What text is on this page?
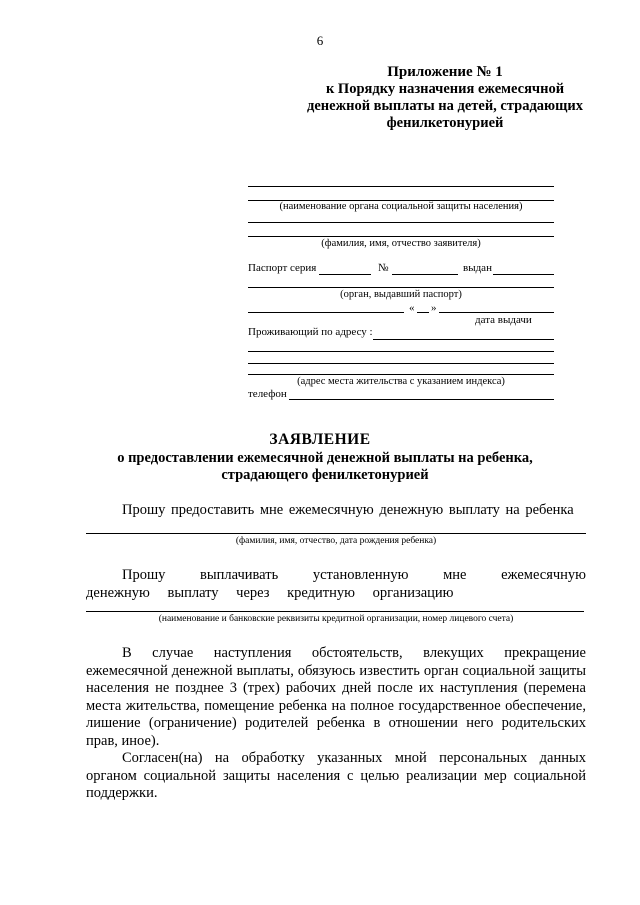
6
Приложение № 1
к Порядку назначения ежемесячной
денежной выплаты на детей, страдающих
фенилкетонурией
(наименование органа социальной защиты населения)
(фамилия, имя, отчество заявителя)
Паспорт серия	№	выдан
(орган, выдавший паспорт)
« »
дата выдачи
Проживающий по адресу :
(адрес места жительства с указанием индекса)
телефон
ЗАЯВЛЕНИЕ
о предоставлении ежемесячной денежной выплаты на ребенка,
страдающего фенилкетонурией
Прошу предоставить мне ежемесячную денежную выплату на ребенка
(фамилия, имя, отчество, дата рождения ребенка)
Прошу выплачивать установленную мне ежемесячную денежную выплату через кредитную организацию
(наименование и банковские реквизиты кредитной организации, номер лицевого счета)
В случае наступления обстоятельств, влекущих прекращение ежемесячной денежной выплаты, обязуюсь известить орган социальной защиты населения не позднее 3 (трех) рабочих дней после их наступления (перемена места жительства, помещение ребенка на полное государственное обеспечение, лишение (ограничение) родителей ребенка в отношении него родительских прав, иное).
Согласен(на) на обработку указанных мной персональных данных органом социальной защиты населения с целью реализации мер социальной поддержки.
